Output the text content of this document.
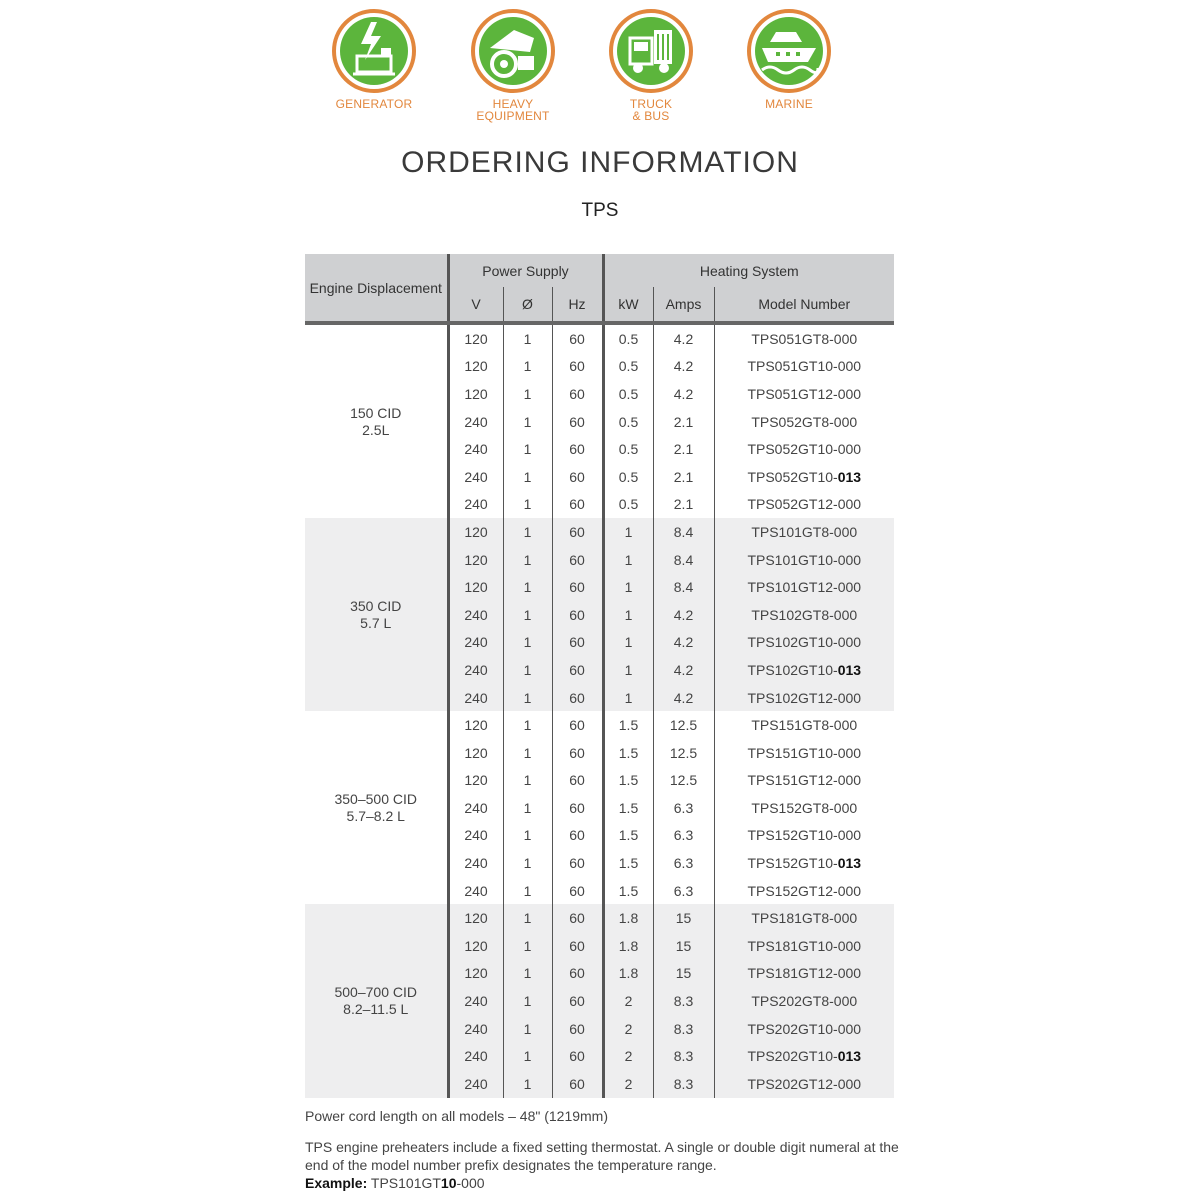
GENERATOR	HEAVY
EQUIPMENT
TRUCK
& BUS
MARINE
ORDERING INFORMATION
TPS
Engine Displacement	Power Supply			Heating System		
	V	Ø	Hz	kW	Amps	Model Number
150 CID
2.5L	120	1	60	0.5	4.2	TPS051GT8-000
	120	1	60	0.5	4.2	TPS051GT10-000
	120	1	60	0.5	4.2	TPS051GT12-000
	240	1	60	0.5	2.1	TPS052GT8-000
	240	1	60	0.5	2.1	TPS052GT10-000
	240	1	60	0.5	2.1	TPS052GT10-013
	240	1	60	0.5	2.1	TPS052GT12-000
350 CID
5.7 L	120	1	60	1	8.4	TPS101GT8-000
	120	1	60	1	8.4	TPS101GT10-000
	120	1	60	1	8.4	TPS101GT12-000
	240	1	60	1	4.2	TPS102GT8-000
	240	1	60	1	4.2	TPS102GT10-000
	240	1	60	1	4.2	TPS102GT10-013
	240	1	60	1	4.2	TPS102GT12-000
350–500 CID
5.7–8.2 L	120	1	60	1.5	12.5	TPS151GT8-000
	120	1	60	1.5	12.5	TPS151GT10-000
	120	1	60	1.5	12.5	TPS151GT12-000
	240	1	60	1.5	6.3	TPS152GT8-000
	240	1	60	1.5	6.3	TPS152GT10-000
	240	1	60	1.5	6.3	TPS152GT10-013
	240	1	60	1.5	6.3	TPS152GT12-000
500–700 CID
8.2–11.5 L	120	1	60	1.8	15	TPS181GT8-000
	120	1	60	1.8	15	TPS181GT10-000
	120	1	60	1.8	15	TPS181GT12-000
	240	1	60	2	8.3	TPS202GT8-000
	240	1	60	2	8.3	TPS202GT10-000
	240	1	60	2	8.3	TPS202GT10-013
	240	1	60	2	8.3	TPS202GT12-000
Power cord length on all models – 48" (1219mm)
TPS engine preheaters include a fixed setting thermostat. A single or double digit numeral at the end of the model number prefix designates the temperature range.
Example: TPS101GT10-000
